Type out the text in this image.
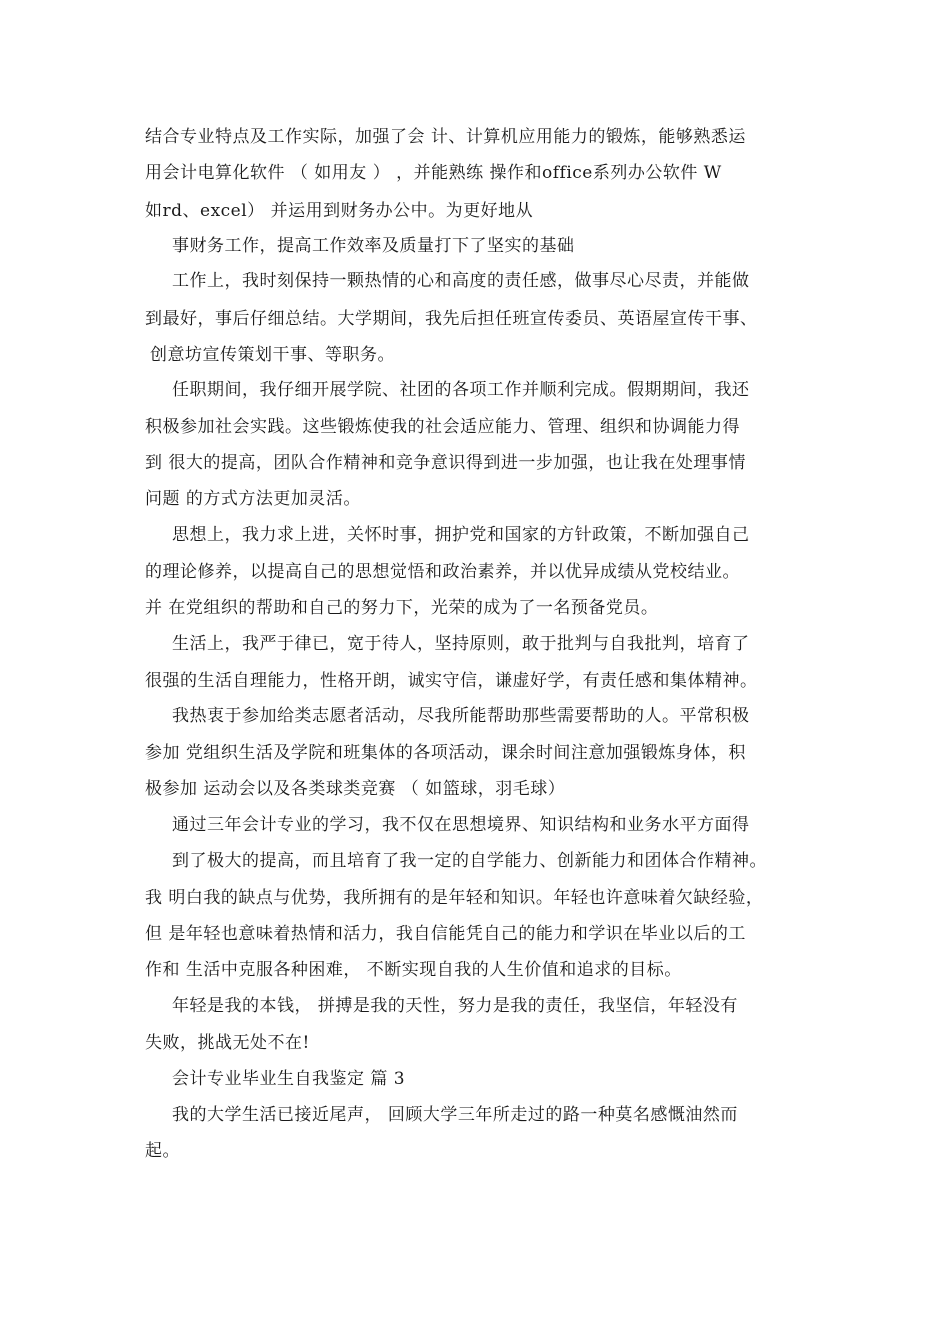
结合专业特点及工作实际，加强了会 计、计算机应用能力的锻炼，能够熟悉运
用会计电算化软件 （ 如用友 ） ，并能熟练 操作和office系列办公软件 W
如rd、excel） 并运用到财务办公中。为更好地从
事财务工作，提高工作效率及质量打下了坚实的基础
工作上，我时刻保持一颗热情的心和高度的责任感，做事尽心尽责，并能做
到最好，事后仔细总结。大学期间，我先后担任班宣传委员、英语屋宣传干事、
创意坊宣传策划干事、等职务。
任职期间，我仔细开展学院、社团的各项工作并顺利完成。假期期间，我还
积极参加社会实践。这些锻炼使我的社会适应能力、管理、组织和协调能力得
到 很大的提高，团队合作精神和竞争意识得到进一步加强，也让我在处理事情
问题 的方式方法更加灵活。
思想上，我力求上进，关怀时事，拥护党和国家的方针政策，不断加强自己
的理论修养，以提高自己的思想觉悟和政治素养，并以优异成绩从党校结业。
并 在党组织的帮助和自己的努力下，光荣的成为了一名预备党员。
生活上，我严于律已，宽于待人，坚持原则，敢于批判与自我批判，培育了
很强的生活自理能力，性格开朗，诚实守信，谦虚好学，有责任感和集体精神。
我热衷于参加给类志愿者活动，尽我所能帮助那些需要帮助的人。平常积极
参加 党组织生活及学院和班集体的各项活动，课余时间注意加强锻炼身体，积
极参加 运动会以及各类球类竞赛 （ 如篮球，羽毛球）
通过三年会计专业的学习，我不仅在思想境界、知识结构和业务水平方面得
到了极大的提高，而且培育了我一定的自学能力、创新能力和团体合作精神。
我 明白我的缺点与优势，我所拥有的是年轻和知识。年轻也许意味着欠缺经验，
但 是年轻也意味着热情和活力，我自信能凭自己的能力和学识在毕业以后的工
作和 生活中克服各种困难， 不断实现自我的人生价值和追求的目标。
年轻是我的本钱， 拼搏是我的天性，努力是我的责任，我坚信，年轻没有
失败，挑战无处不在!
会计专业毕业生自我鉴定 篇 3
我的大学生活已接近尾声， 回顾大学三年所走过的路一种莫名感慨油然而
起。
